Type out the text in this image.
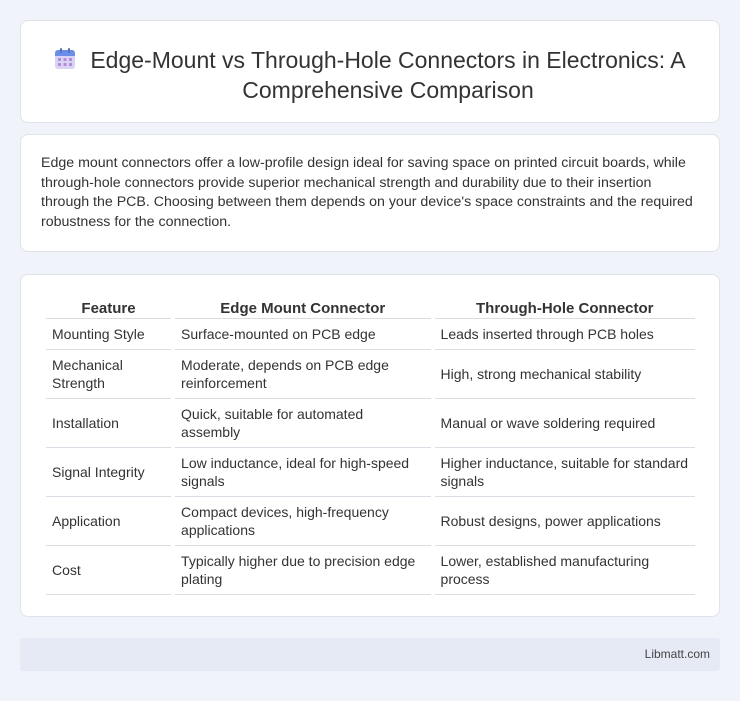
Edge-Mount vs Through-Hole Connectors in Electronics: A Comprehensive Comparison

Edge mount connectors offer a low-profile design ideal for saving space on printed circuit boards, while through-hole connectors provide superior mechanical strength and durability due to their insertion through the PCB. Choosing between them depends on your device's space constraints and the required robustness for the connection.

Feature	Edge Mount Connector	Through-Hole Connector
Mounting Style	Surface-mounted on PCB edge	Leads inserted through PCB holes
Mechanical Strength	Moderate, depends on PCB edge reinforcement	High, strong mechanical stability
Installation	Quick, suitable for automated assembly	Manual or wave soldering required
Signal Integrity	Low inductance, ideal for high-speed signals	Higher inductance, suitable for standard signals
Application	Compact devices, high-frequency applications	Robust designs, power applications
Cost	Typically higher due to precision edge plating	Lower, established manufacturing process
Libmatt.com
